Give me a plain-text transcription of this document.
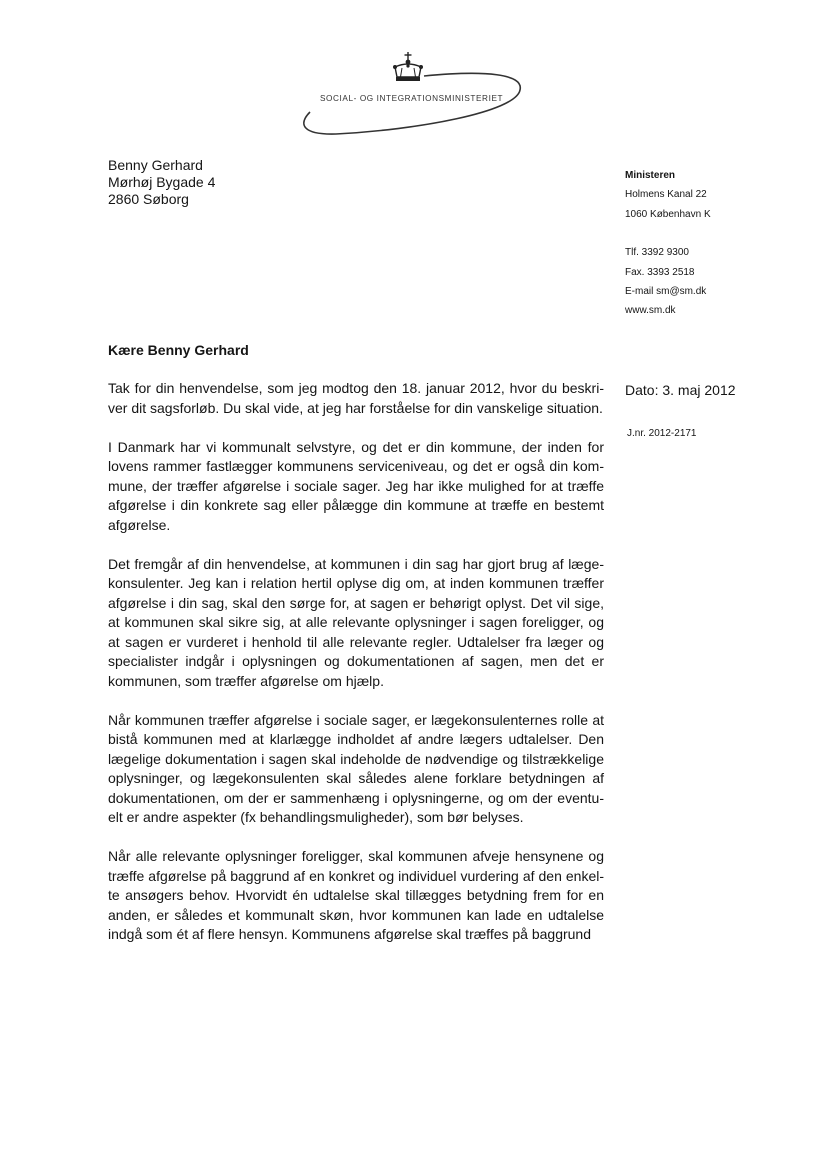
SOCIAL- OG INTEGRATIONSMINISTERIET
Benny Gerhard
Mørhøj Bygade 4
2860 Søborg
Ministeren
Holmens Kanal 22
1060 København K
Tlf. 3392 9300
Fax. 3393 2518
E-mail sm@sm.dk
www.sm.dk
Kære Benny Gerhard
Dato: 3. maj 2012
J.nr. 2012-2171

Tak for din henvendelse, som jeg modtog den 18. januar 2012, hvor du beskri-ver dit sagsforløb. Du skal vide, at jeg har forståelse for din vanskelige situation.

I Danmark har vi kommunalt selvstyre, og det er din kommune, der inden for lovens rammer fastlægger kommunens serviceniveau, og det er også din kom-mune, der træffer afgørelse i sociale sager. Jeg har ikke mulighed for at træffe afgørelse i din konkrete sag eller pålægge din kommune at træffe en bestemt afgørelse.

Det fremgår af din henvendelse, at kommunen i din sag har gjort brug af læge-konsulenter. Jeg kan i relation hertil oplyse dig om, at inden kommunen træffer afgørelse i din sag, skal den sørge for, at sagen er behørigt oplyst. Det vil sige, at kommunen skal sikre sig, at alle relevante oplysninger i sagen foreligger, og at sagen er vurderet i henhold til alle relevante regler. Udtalelser fra læger og specialister indgår i oplysningen og dokumentationen af sagen, men det er kommunen, som træffer afgørelse om hjælp.

Når kommunen træffer afgørelse i sociale sager, er lægekonsulenternes rolle at bistå kommunen med at klarlægge indholdet af andre lægers udtalelser. Den lægelige dokumentation i sagen skal indeholde de nødvendige og tilstrækkelige oplysninger, og lægekonsulenten skal således alene forklare betydningen af dokumentationen, om der er sammenhæng i oplysningerne, og om der eventu-elt er andre aspekter (fx behandlingsmuligheder), som bør belyses.

Når alle relevante oplysninger foreligger, skal kommunen afveje hensynene og træffe afgørelse på baggrund af en konkret og individuel vurdering af den enkel-te ansøgers behov. Hvorvidt én udtalelse skal tillægges betydning frem for en anden, er således et kommunalt skøn, hvor kommunen kan lade en udtalelse indgå som ét af flere hensyn. Kommunens afgørelse skal træffes på baggrund
